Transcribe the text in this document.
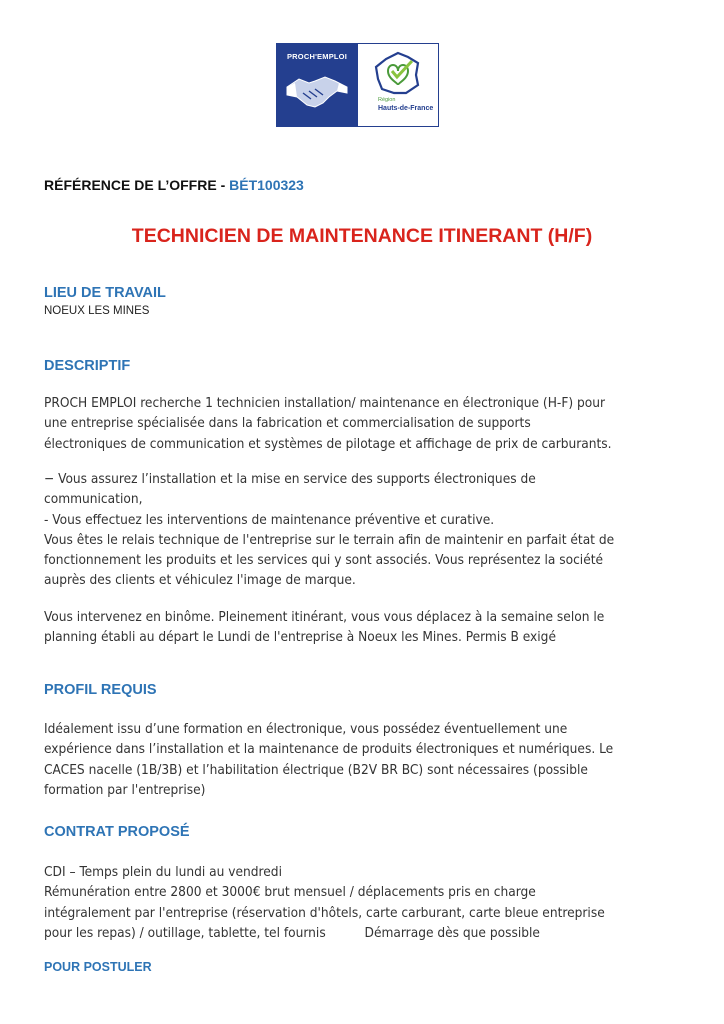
PROCH'EMPLOI
Région
Hauts-de-France
RÉFÉRENCE DE L’OFFRE - BÉT100323
TECHNICIEN DE MAINTENANCE ITINERANT (H/F)
LIEU DE TRAVAIL
NOEUX LES MINES
DESCRIPTIF
PROCH EMPLOI recherche 1 technicien installation/ maintenance en électronique (H-F) pour
une entreprise spécialisée dans la fabrication et commercialisation de supports
électroniques de communication et systèmes de pilotage et affichage de prix de carburants.
− Vous assurez l’installation et la mise en service des supports électroniques de
communication,
- Vous effectuez les interventions de maintenance préventive et curative.
Vous êtes le relais technique de l'entreprise sur le terrain afin de maintenir en parfait état de
fonctionnement les produits et les services qui y sont associés. Vous représentez la société
auprès des clients et véhiculez l'image de marque.
Vous intervenez en binôme. Pleinement itinérant, vous vous déplacez à la semaine selon le
planning établi au départ le Lundi de l'entreprise à Noeux les Mines. Permis B exigé
PROFIL REQUIS
Idéalement issu d’une formation en électronique, vous possédez éventuellement une
expérience dans l’installation et la maintenance de produits électroniques et numériques. Le
CACES nacelle (1B/3B) et l’habilitation électrique (B2V BR BC) sont nécessaires (possible
formation par l'entreprise)
CONTRAT PROPOSÉ
CDI – Temps plein du lundi au vendredi
Rémunération entre 2800 et 3000€ brut mensuel / déplacements pris en charge
intégralement par l'entreprise (réservation d'hôtels, carte carburant, carte bleue entreprise
pour les repas) / outillage, tablette, tel fournis          Démarrage dès que possible
POUR POSTULER
